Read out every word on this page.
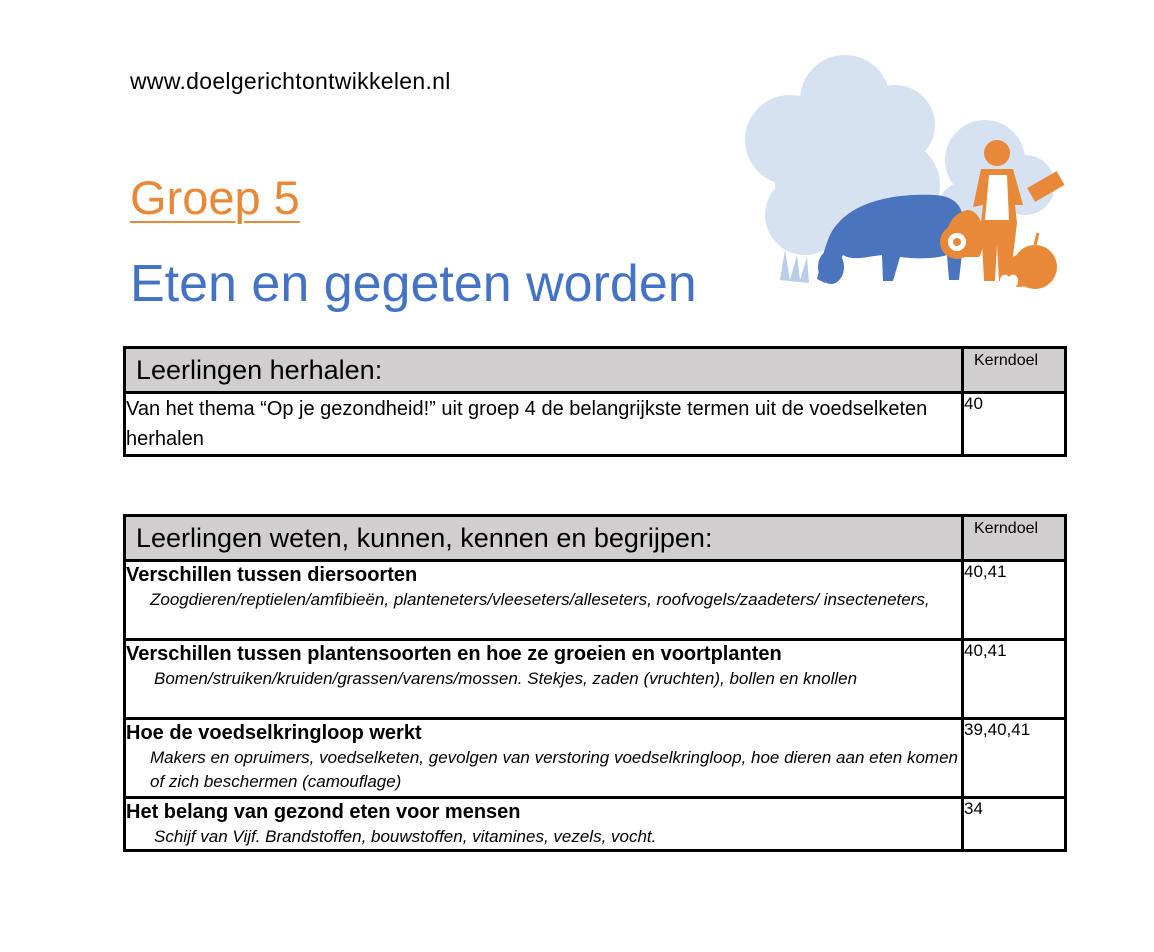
www.doelgerichtontwikkelen.nl
Groep 5
Eten en gegeten worden
Leerlingen herhalen:	Kerndoel
Van het thema “Op je gezondheid!” uit groep 4 de belangrijkste termen uit de voedselketen herhalen	40
Leerlingen weten, kunnen, kennen en begrijpen:	Kerndoel

Verschillen tussen diersoorten
Zoogdieren/reptielen/amfibieën, planteneters/vleeseters/alleseters, roofvogels/zaadeters/ insecteneters,	40,41

Verschillen tussen plantensoorten en hoe ze groeien en voortplanten
Bomen/struiken/kruiden/grassen/varens/mossen. Stekjes, zaden (vruchten), bollen en knollen	40,41

Hoe de voedselkringloop werkt
Makers en opruimers, voedselketen, gevolgen van verstoring voedselkringloop, hoe dieren aan eten komen of zich beschermen (camouflage)	39,40,41

Het belang van gezond eten voor mensen
Schijf van Vijf. Brandstoffen, bouwstoffen, vitamines, vezels, vocht.	34
